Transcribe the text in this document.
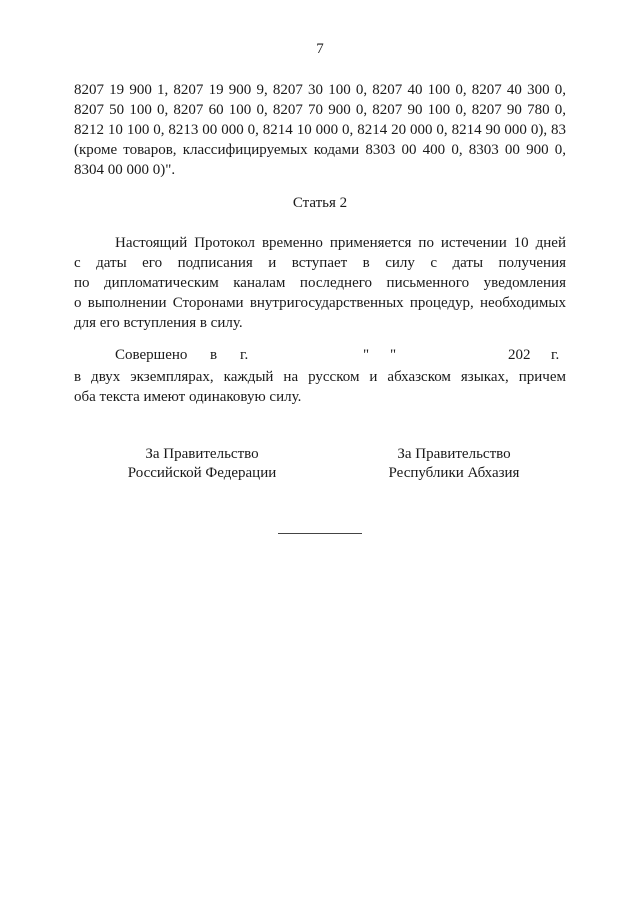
7
8207 19 900 1, 8207 19 900 9, 8207 30 100 0, 8207 40 100 0, 8207 40 300 0,
8207 50 100 0, 8207 60 100 0, 8207 70 900 0, 8207 90 100 0, 8207 90 780 0,
8212 10 100 0, 8213 00 000 0, 8214 10 000 0, 8214 20 000 0, 8214 90 000 0), 83
(кроме товаров, классифицируемых кодами 8303 00 400 0, 8303 00 900 0,
8304 00 000 0)".
Статья 2
Настоящий Протокол временно применяется по истечении 10 дней
с даты его подписания и вступает в силу с даты получения
по дипломатическим каналам последнего письменного уведомления
о выполнении Сторонами внутригосударственных процедур, необходимых
для его вступления в силу.
Совершено в г.	" "	202 г.
в двух экземплярах, каждый на русском и абхазском языках, причем
оба текста имеют одинаковую силу.
За Правительство
Российской Федерации
За Правительство
Республики Абхазия
